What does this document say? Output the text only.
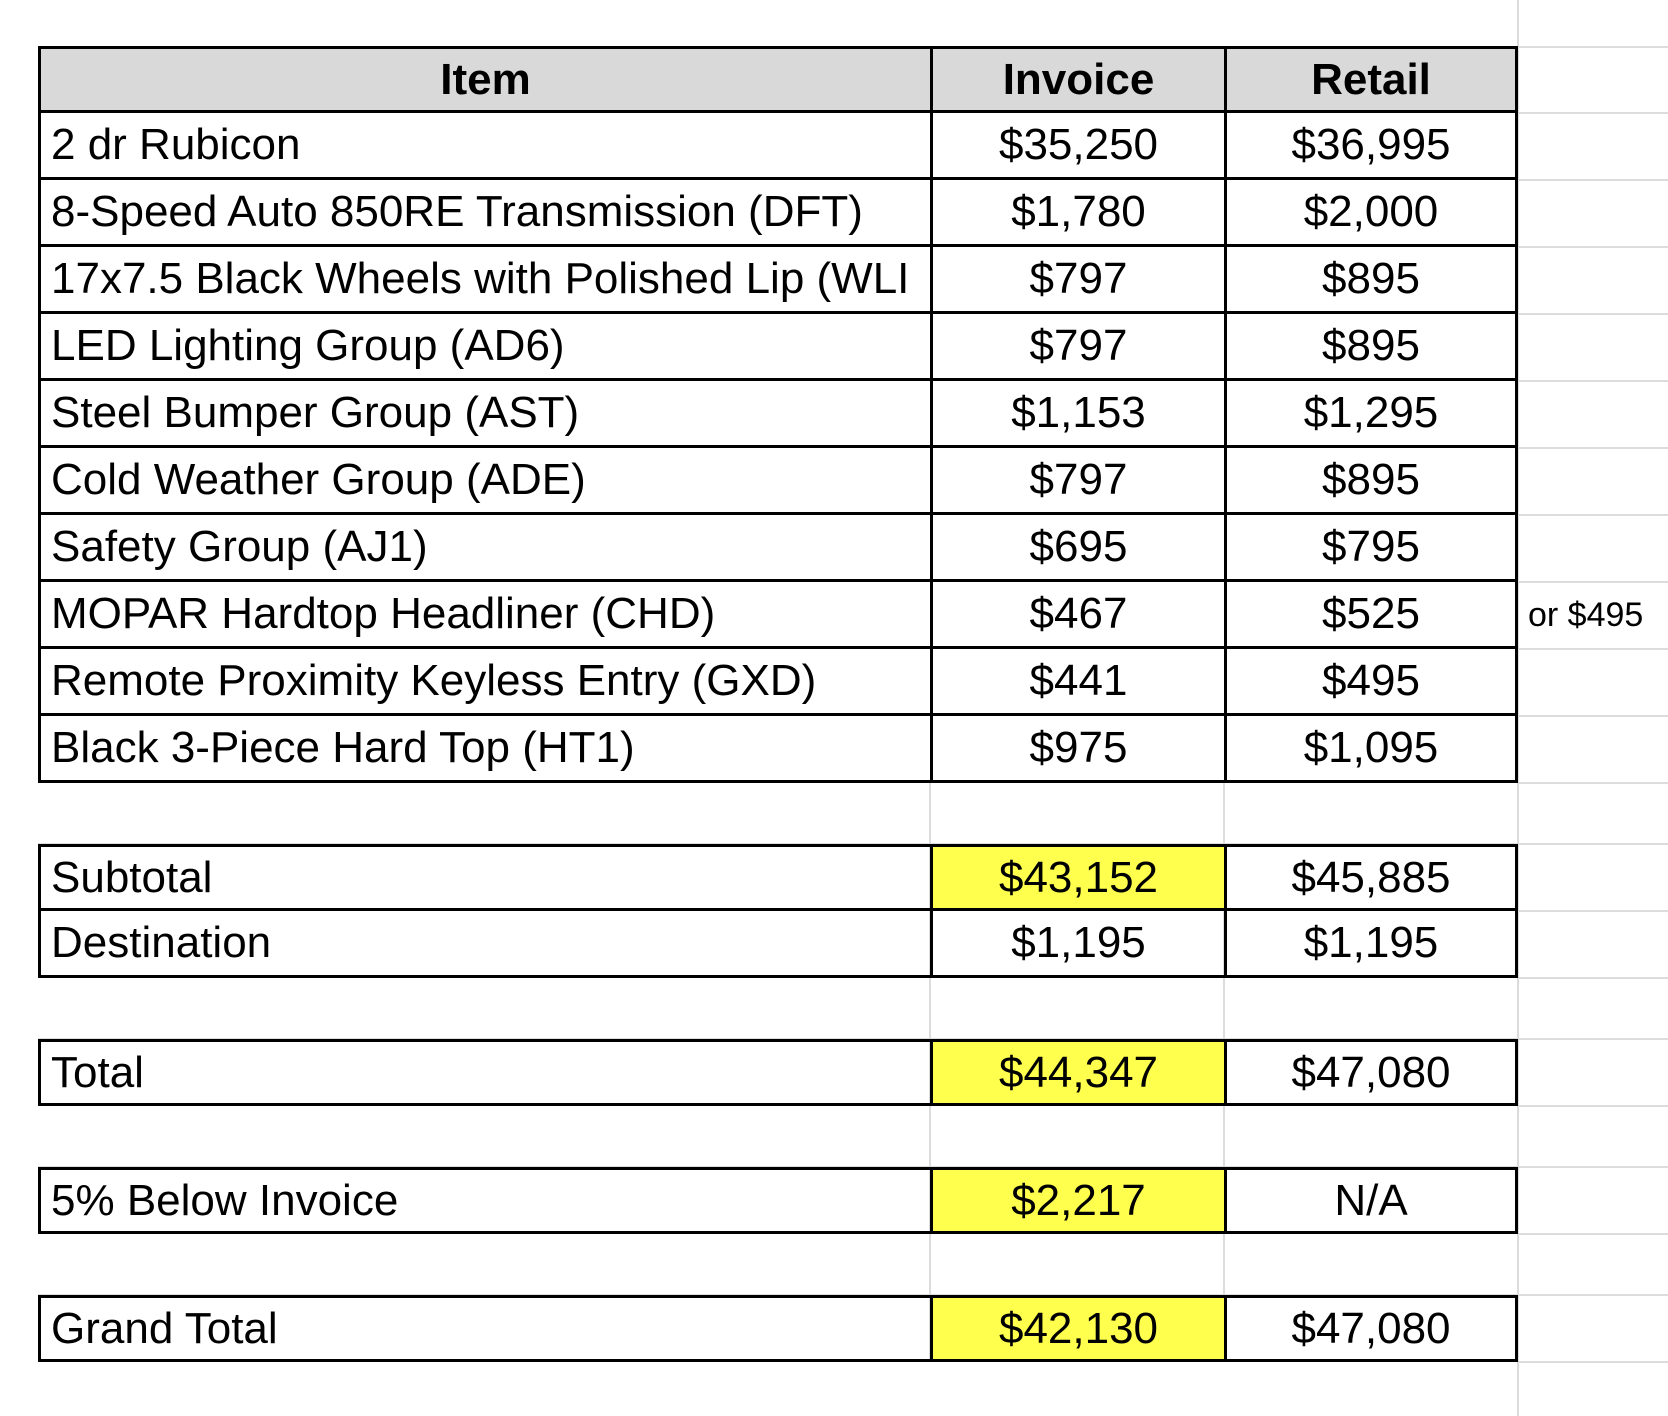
Item	Invoice	Retail
2 dr Rubicon	$35,250	$36,995
8-Speed Auto 850RE Transmission (DFT)	$1,780	$2,000
17x7.5 Black Wheels with Polished Lip (WLI	$797	$895
LED Lighting Group (AD6)	$797	$895
Steel Bumper Group (AST)	$1,153	$1,295
Cold Weather Group (ADE)	$797	$895
Safety Group (AJ1)	$695	$795
MOPAR Hardtop Headliner (CHD)	$467	$525	or $495
Remote Proximity Keyless Entry (GXD)	$441	$495
Black 3-Piece Hard Top (HT1)	$975	$1,095
Subtotal	$43,152	$45,885
Destination	$1,195	$1,195
Total	$44,347	$47,080
5% Below Invoice	$2,217	N/A
Grand Total	$42,130	$47,080
